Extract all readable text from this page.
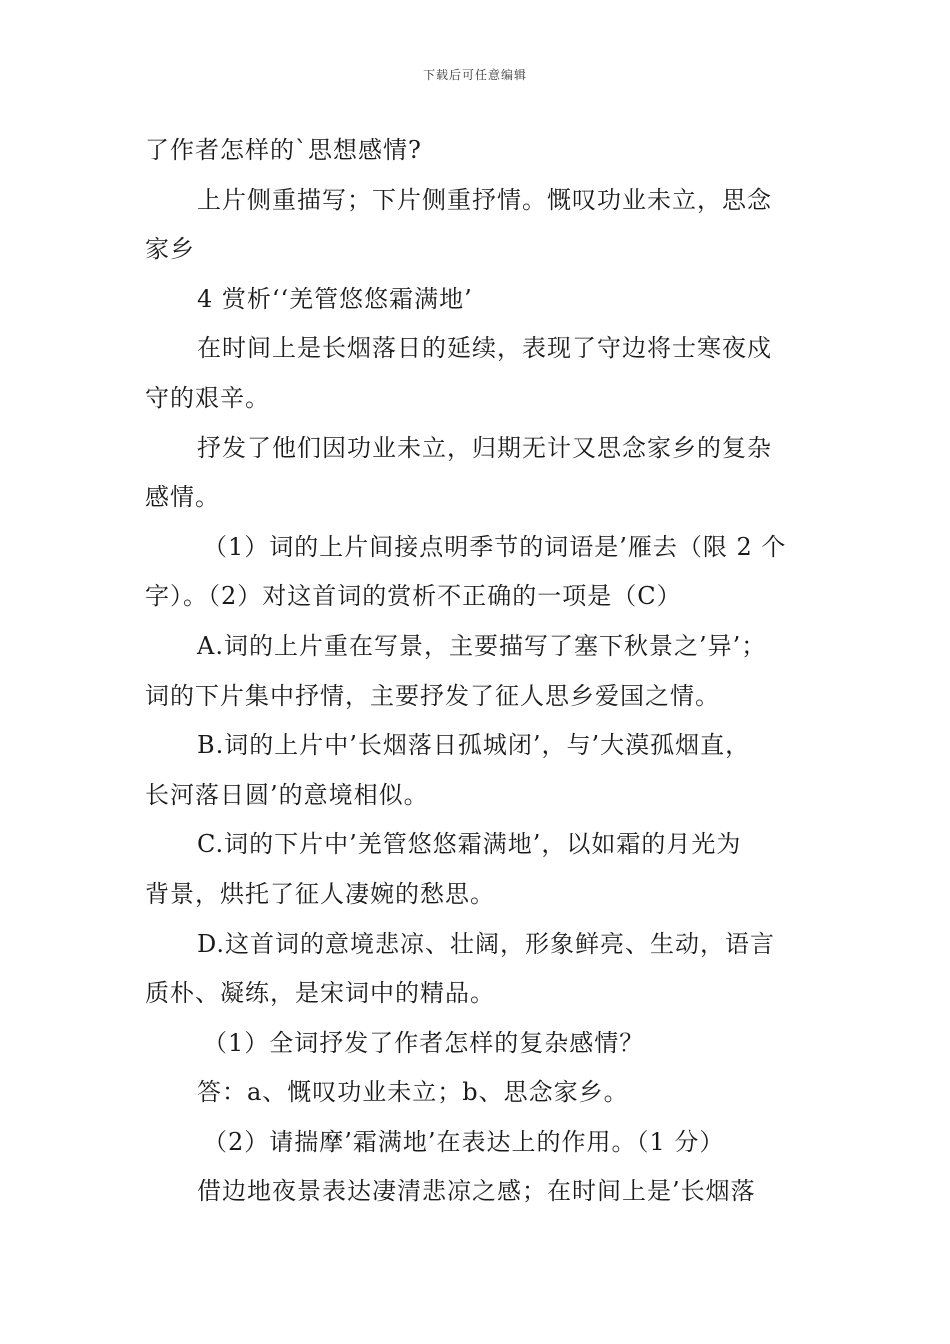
下载后可任意编辑
了作者怎样的`思想感情?
上片侧重描写；下片侧重抒情。慨叹功业未立，思念
家乡
4 赏析‘‘羌管悠悠霜满地’
在时间上是长烟落日的延续，表现了守边将士寒夜戍
守的艰辛。
抒发了他们因功业未立，归期无计又思念家乡的复杂
感情。
（1）词的上片间接点明季节的词语是’雁去（限 2 个
字）。（2）对这首词的赏析不正确的一项是（C）
A.词的上片重在写景，主要描写了塞下秋景之’异’；
词的下片集中抒情，主要抒发了征人思乡爱国之情。
B.词的上片中’长烟落日孤城闭’，与’大漠孤烟直，
长河落日圆’的意境相似。
C.词的下片中’羌管悠悠霜满地’，以如霜的月光为
背景，烘托了征人凄婉的愁思。
D.这首词的意境悲凉、壮阔，形象鲜亮、生动，语言
质朴、凝练，是宋词中的精品。
（1）全词抒发了作者怎样的复杂感情？
答：a、慨叹功业未立；b、思念家乡。
（2）请揣摩’霜满地’在表达上的作用。（1 分）
借边地夜景表达凄清悲凉之感；在时间上是’长烟落
